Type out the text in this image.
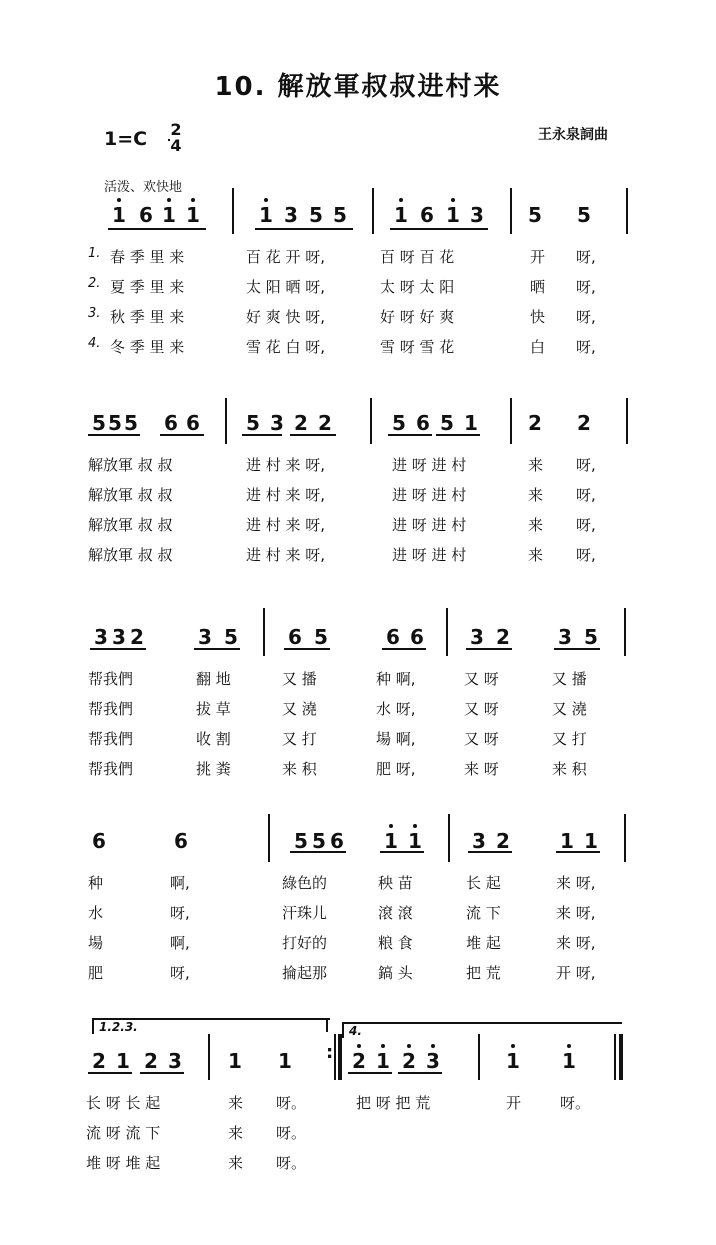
10. 解放軍叔叔进村来
1=C 2
4
王永泉詞曲
活泼、欢快地
1 6 1 1	1 3 5 5 1 6 1 3 5 5
1. 春 季 里 来	百 花 开 呀,	百 呀 百 花	开 呀,
2. 夏 季 里 来	太 阳 晒 呀,	太 呀 太 阳	晒 呀,
3. 秋 季 里 来	好 爽 快 呀,	好 呀 好 爽	快 呀,
4. 冬 季 里 来	雪 花 白 呀,	雪 呀 雪 花	白 呀,
5 5 5 6 6 5 3 2 2	5 6 5 1	2 2
解放軍 叔 叔	进 村 来 呀,	进 呀 进 村	来 呀,
解放軍 叔 叔	进 村 来 呀,	进 呀 进 村	来 呀,
解放軍 叔 叔	进 村 来 呀,	进 呀 进 村	来 呀,
解放軍 叔 叔	进 村 来 呀,	进 呀 进 村	来 呀,
3 3 2	3 5	6 5	6 6 3 2 3 5
帮我們	翻 地	又 播	种 啊,	又 呀	又 播
帮我們	拔 草	又 澆	水 呀,	又 呀	又 澆
帮我們	收 割	又 打	場 啊,	又 呀	又 打
帮我們	挑 粪	来 积	肥 呀,	来 呀	来 积
6	6	5 5 6 1 1	3 2	1 1
种	啊,	綠色的	秧 苗	长 起	来 呀,
水	呀,	汗珠儿	滾 滾	流 下	来 呀,
場	啊,	打好的	粮 食	堆 起	来 呀,
肥	呀,	掄起那	鎬 头	把 荒	开 呀,
1.2.3.	4.
2 1 2 3 1 1	2 1 2 3	1 1
:
长 呀 长 起	来 呀。	把 呀 把 荒	开	呀。
流 呀 流 下	来 呀。
堆 呀 堆 起	来 呀。
